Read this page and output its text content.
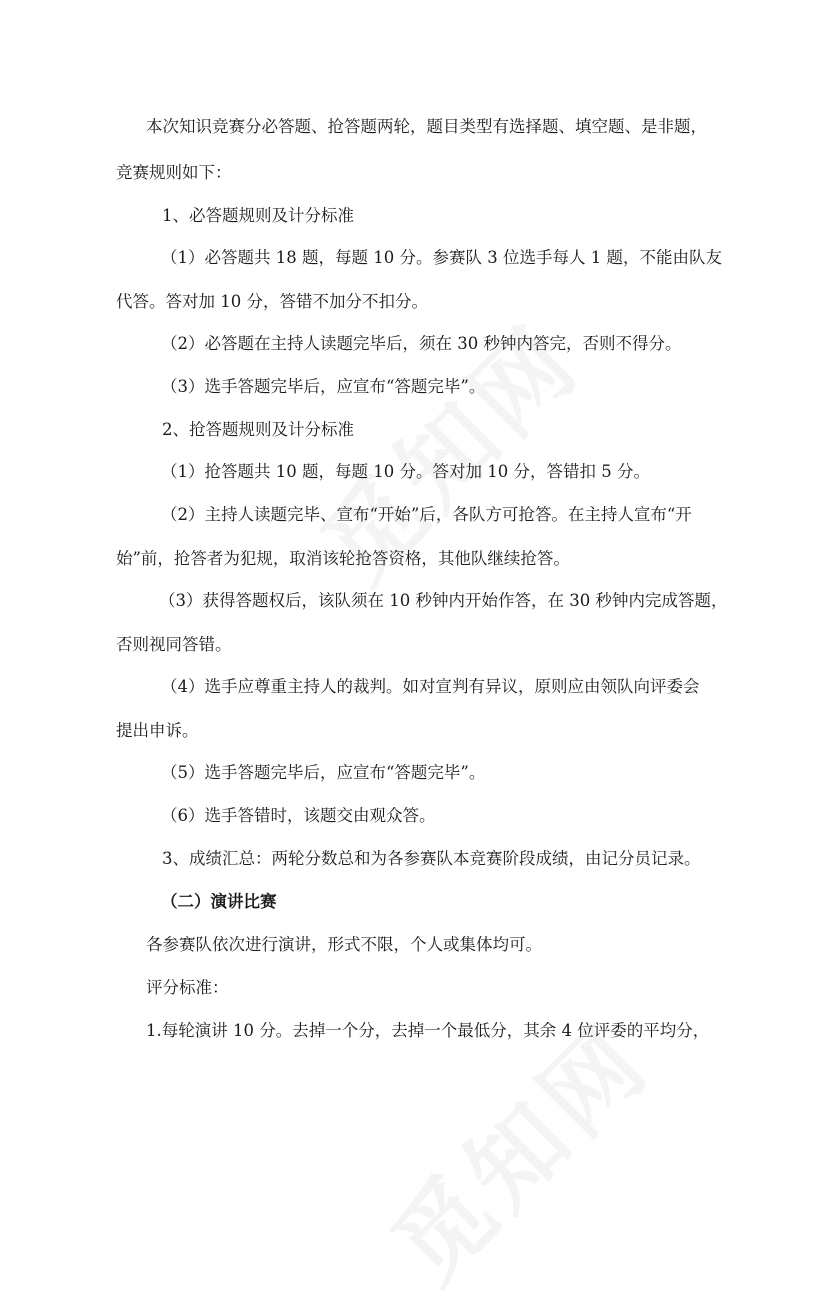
本次知识竞赛分必答题、抢答题两轮，题目类型有选择题、填空题、是非题，
竞赛规则如下：
1、必答题规则及计分标准
（1）必答题共 18 题，每题 10 分。参赛队 3 位选手每人 1 题，不能由队友
代答。答对加 10 分，答错不加分不扣分。
（2）必答题在主持人读题完毕后，须在 30 秒钟内答完，否则不得分。
（3）选手答题完毕后，应宣布“答题完毕”。
2、抢答题规则及计分标准
（1）抢答题共 10 题，每题 10 分。答对加 10 分，答错扣 5 分。
（2）主持人读题完毕、宣布“开始”后，各队方可抢答。在主持人宣布“开
始”前，抢答者为犯规，取消该轮抢答资格，其他队继续抢答。
（3）获得答题权后，该队须在 10 秒钟内开始作答，在 30 秒钟内完成答题，
否则视同答错。
（4）选手应尊重主持人的裁判。如对宣判有异议，原则应由领队向评委会
提出申诉。
（5）选手答题完毕后，应宣布“答题完毕”。
（6）选手答错时，该题交由观众答。
3、成绩汇总：两轮分数总和为各参赛队本竞赛阶段成绩，由记分员记录。
（二）演讲比赛
各参赛队依次进行演讲，形式不限，个人或集体均可。
评分标准：
1.每轮演讲 10 分。去掉一个分，去掉一个最低分，其余 4 位评委的平均分，
